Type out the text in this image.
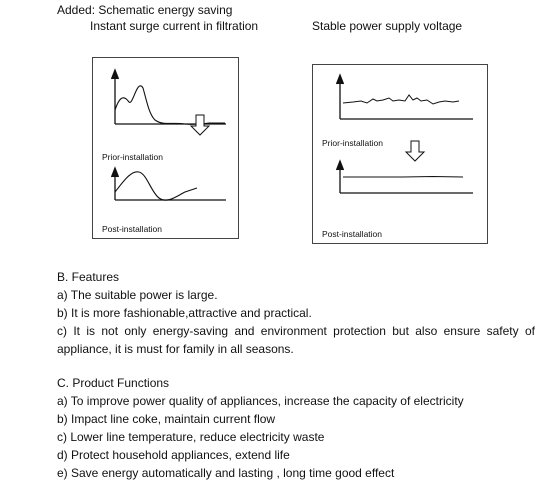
Added: Schematic energy saving
Instant surge current in filtration	Stable power supply voltage
Prior-installation
Post-installation
Prior-installation
Post-installation
B. Features
a) The suitable power is large.
b) It is more fashionable,attractive and practical.
c) It is not only energy-saving and environment protection but also ensure safety of appliance, it is must for family in all seasons.
C. Product Functions
a) To improve power quality of appliances, increase the capacity of electricity
b) Impact line coke, maintain current flow
c) Lower line temperature, reduce electricity waste
d) Protect household appliances, extend life
e) Save energy automatically and lasting , long time good effect
